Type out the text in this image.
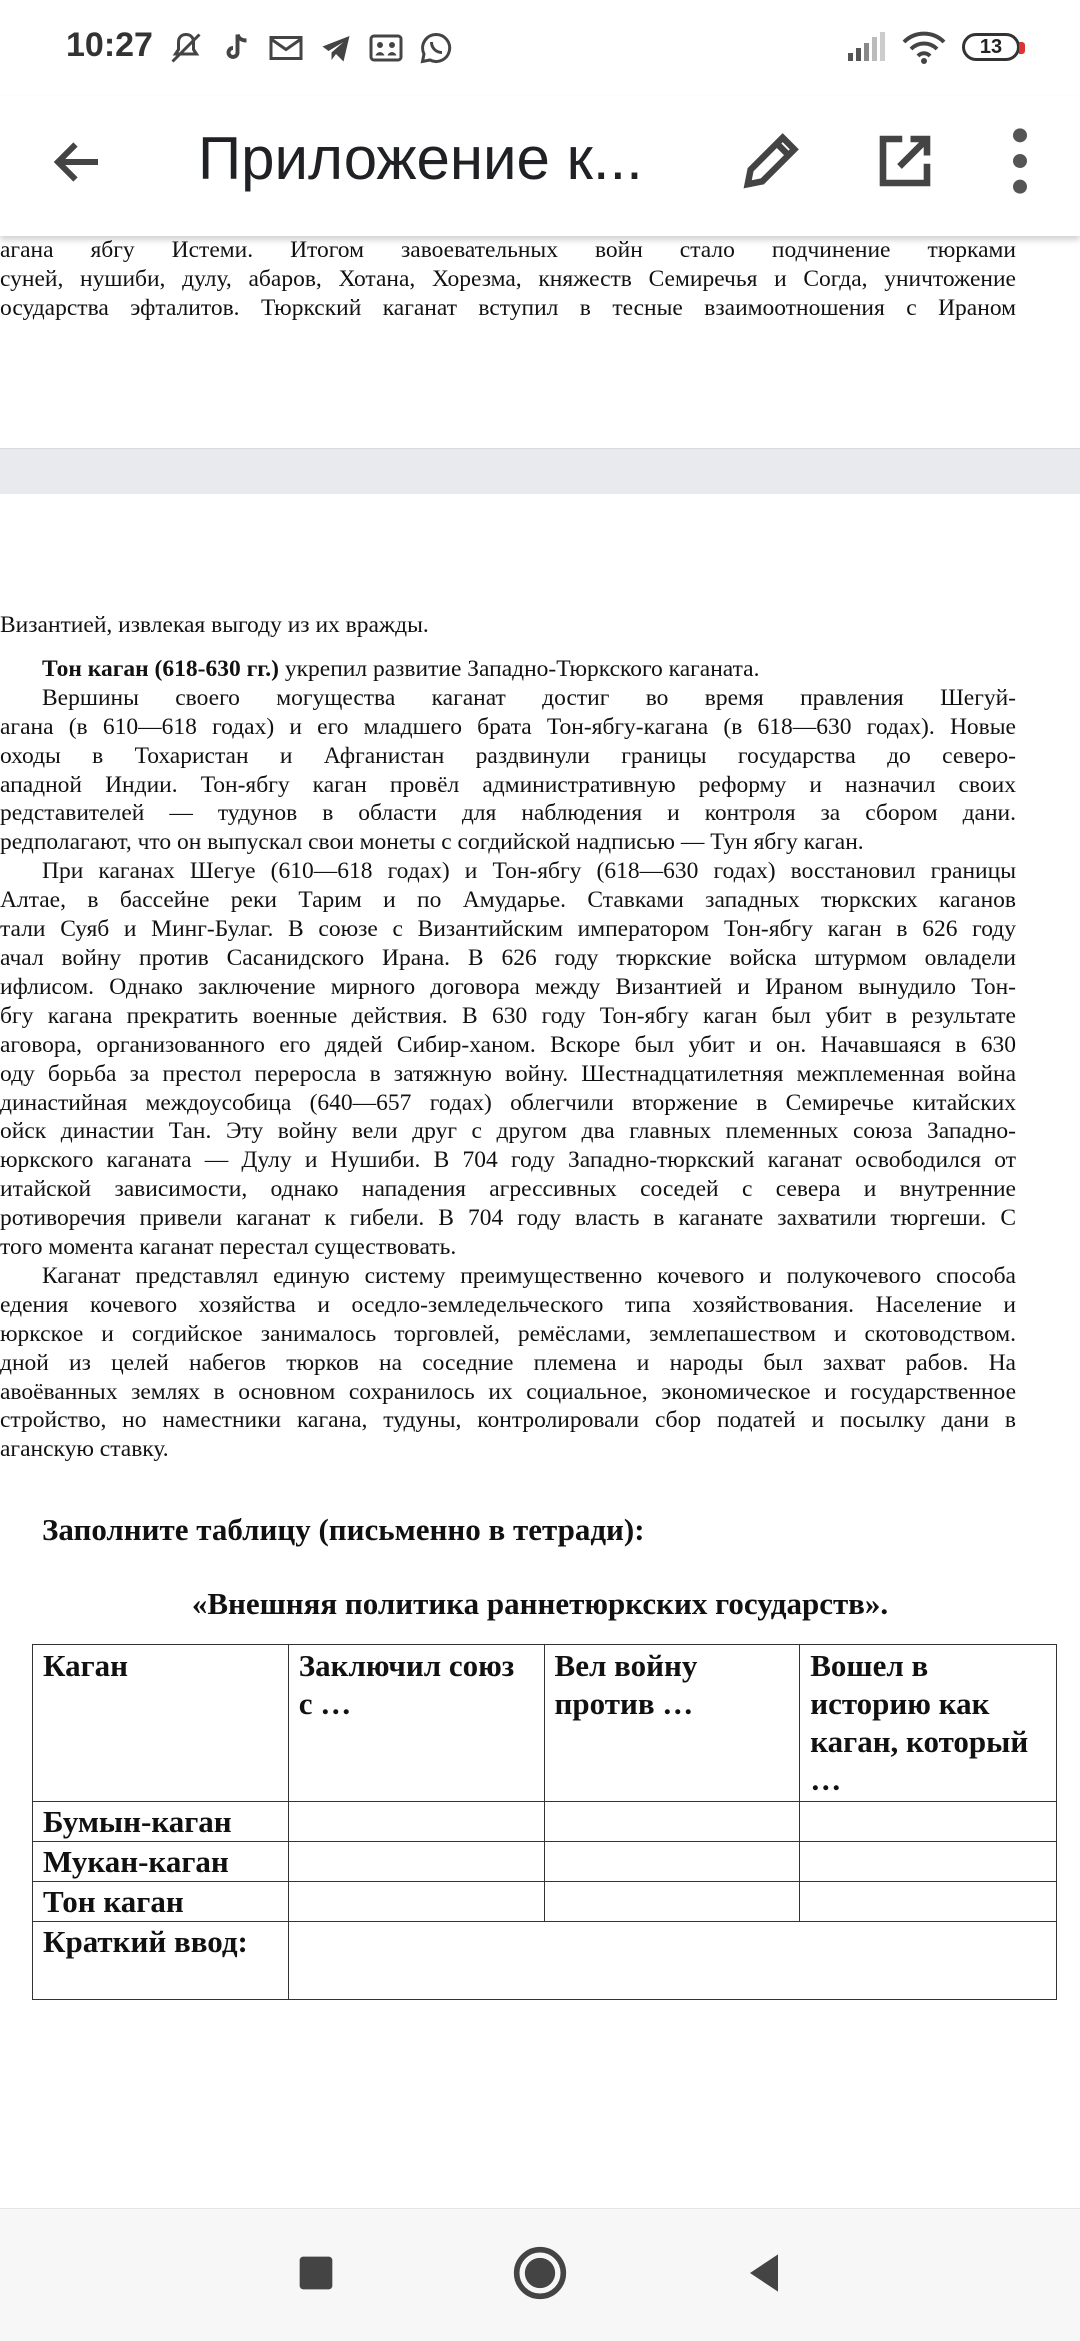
10:27	13
Приложение к...

агана ябгу Истеми. Итогом завоевательных войн стало подчинение тюрками

суней, нушиби, дулу, абаров, Хотана, Хорезма, княжеств Семиречья и Согда, уничтожение

осударства эфталитов. Тюркский каганат вступил в тесные взаимоотношения с Ираном

Византией, извлекая выгоду из их вражды.

Тон каган (618-630 гг.) укрепил развитие Западно-Тюркского каганата.

Вершины своего могущества каганат достиг во время правления Шегуй-

агана (в 610—618 годах) и его младшего брата Тон-ябгу-кагана (в 618—630 годах). Новые

оходы в Тохаристан и Афганистан раздвинули границы государства до северо-

ападной Индии. Тон-ябгу каган провёл административную реформу и назначил своих

редставителей — тудунов в области для наблюдения и контроля за сбором дани.

редполагают, что он выпускал свои монеты с согдийской надписью — Тун ябгу каган.

При каганах Шегуе (610—618 годах) и Тон-ябгу (618—630 годах) восстановил границы

Алтае, в бассейне реки Тарим и по Амударье. Ставками западных тюркских каганов

тали Суяб и Минг-Булаг. В союзе с Византийским императором Тон-ябгу каган в 626 году

ачал войну против Сасанидского Ирана. В 626 году тюркские войска штурмом овладели

ифлисом. Однако заключение мирного договора между Византией и Ираном вынудило Тон-

бгу кагана прекратить военные действия. В 630 году Тон-ябгу каган был убит в результате

аговора, организованного его дядей Сибир-ханом. Вскоре был убит и он. Начавшаяся в 630

оду борьба за престол переросла в затяжную войну. Шестнадцатилетняя межплеменная война

династийная междоусобица (640—657 годах) облегчили вторжение в Семиречье китайских

ойск династии Тан. Эту войну вели друг с другом два главных племенных союза Западно-

юркского каганата — Дулу и Нушиби. В 704 году Западно-тюркский каганат освободился от

итайской зависимости, однако нападения агрессивных соседей с севера и внутренние

ротиворечия привели каганат к гибели. В 704 году власть в каганате захватили тюргеши. С

того момента каганат перестал существовать.

Каганат представлял единую систему преимущественно кочевого и полукочевого способа

едения кочевого хозяйства и оседло-земледельческого типа хозяйствования. Население и

юркское и согдийское занималось торговлей, ремёслами, землепашеством и скотоводством.

дной из целей набегов тюрков на соседние племена и народы был захват рабов. На

авоёванных землях в основном сохранилось их социальное, экономическое и государственное

стройство, но наместники кагана, тудуны, контролировали сбор податей и посылку дани в

аганскую ставку.

Заполните таблицу (письменно в тетради):
«Внешняя политика раннетюркских государств».
Каган	Заключил союз с …	Вел войну против …	Вошел в историю как каган, который …
Бумын-каган			
Мукан-каган			
Тон каган			
Краткий ввод:			
